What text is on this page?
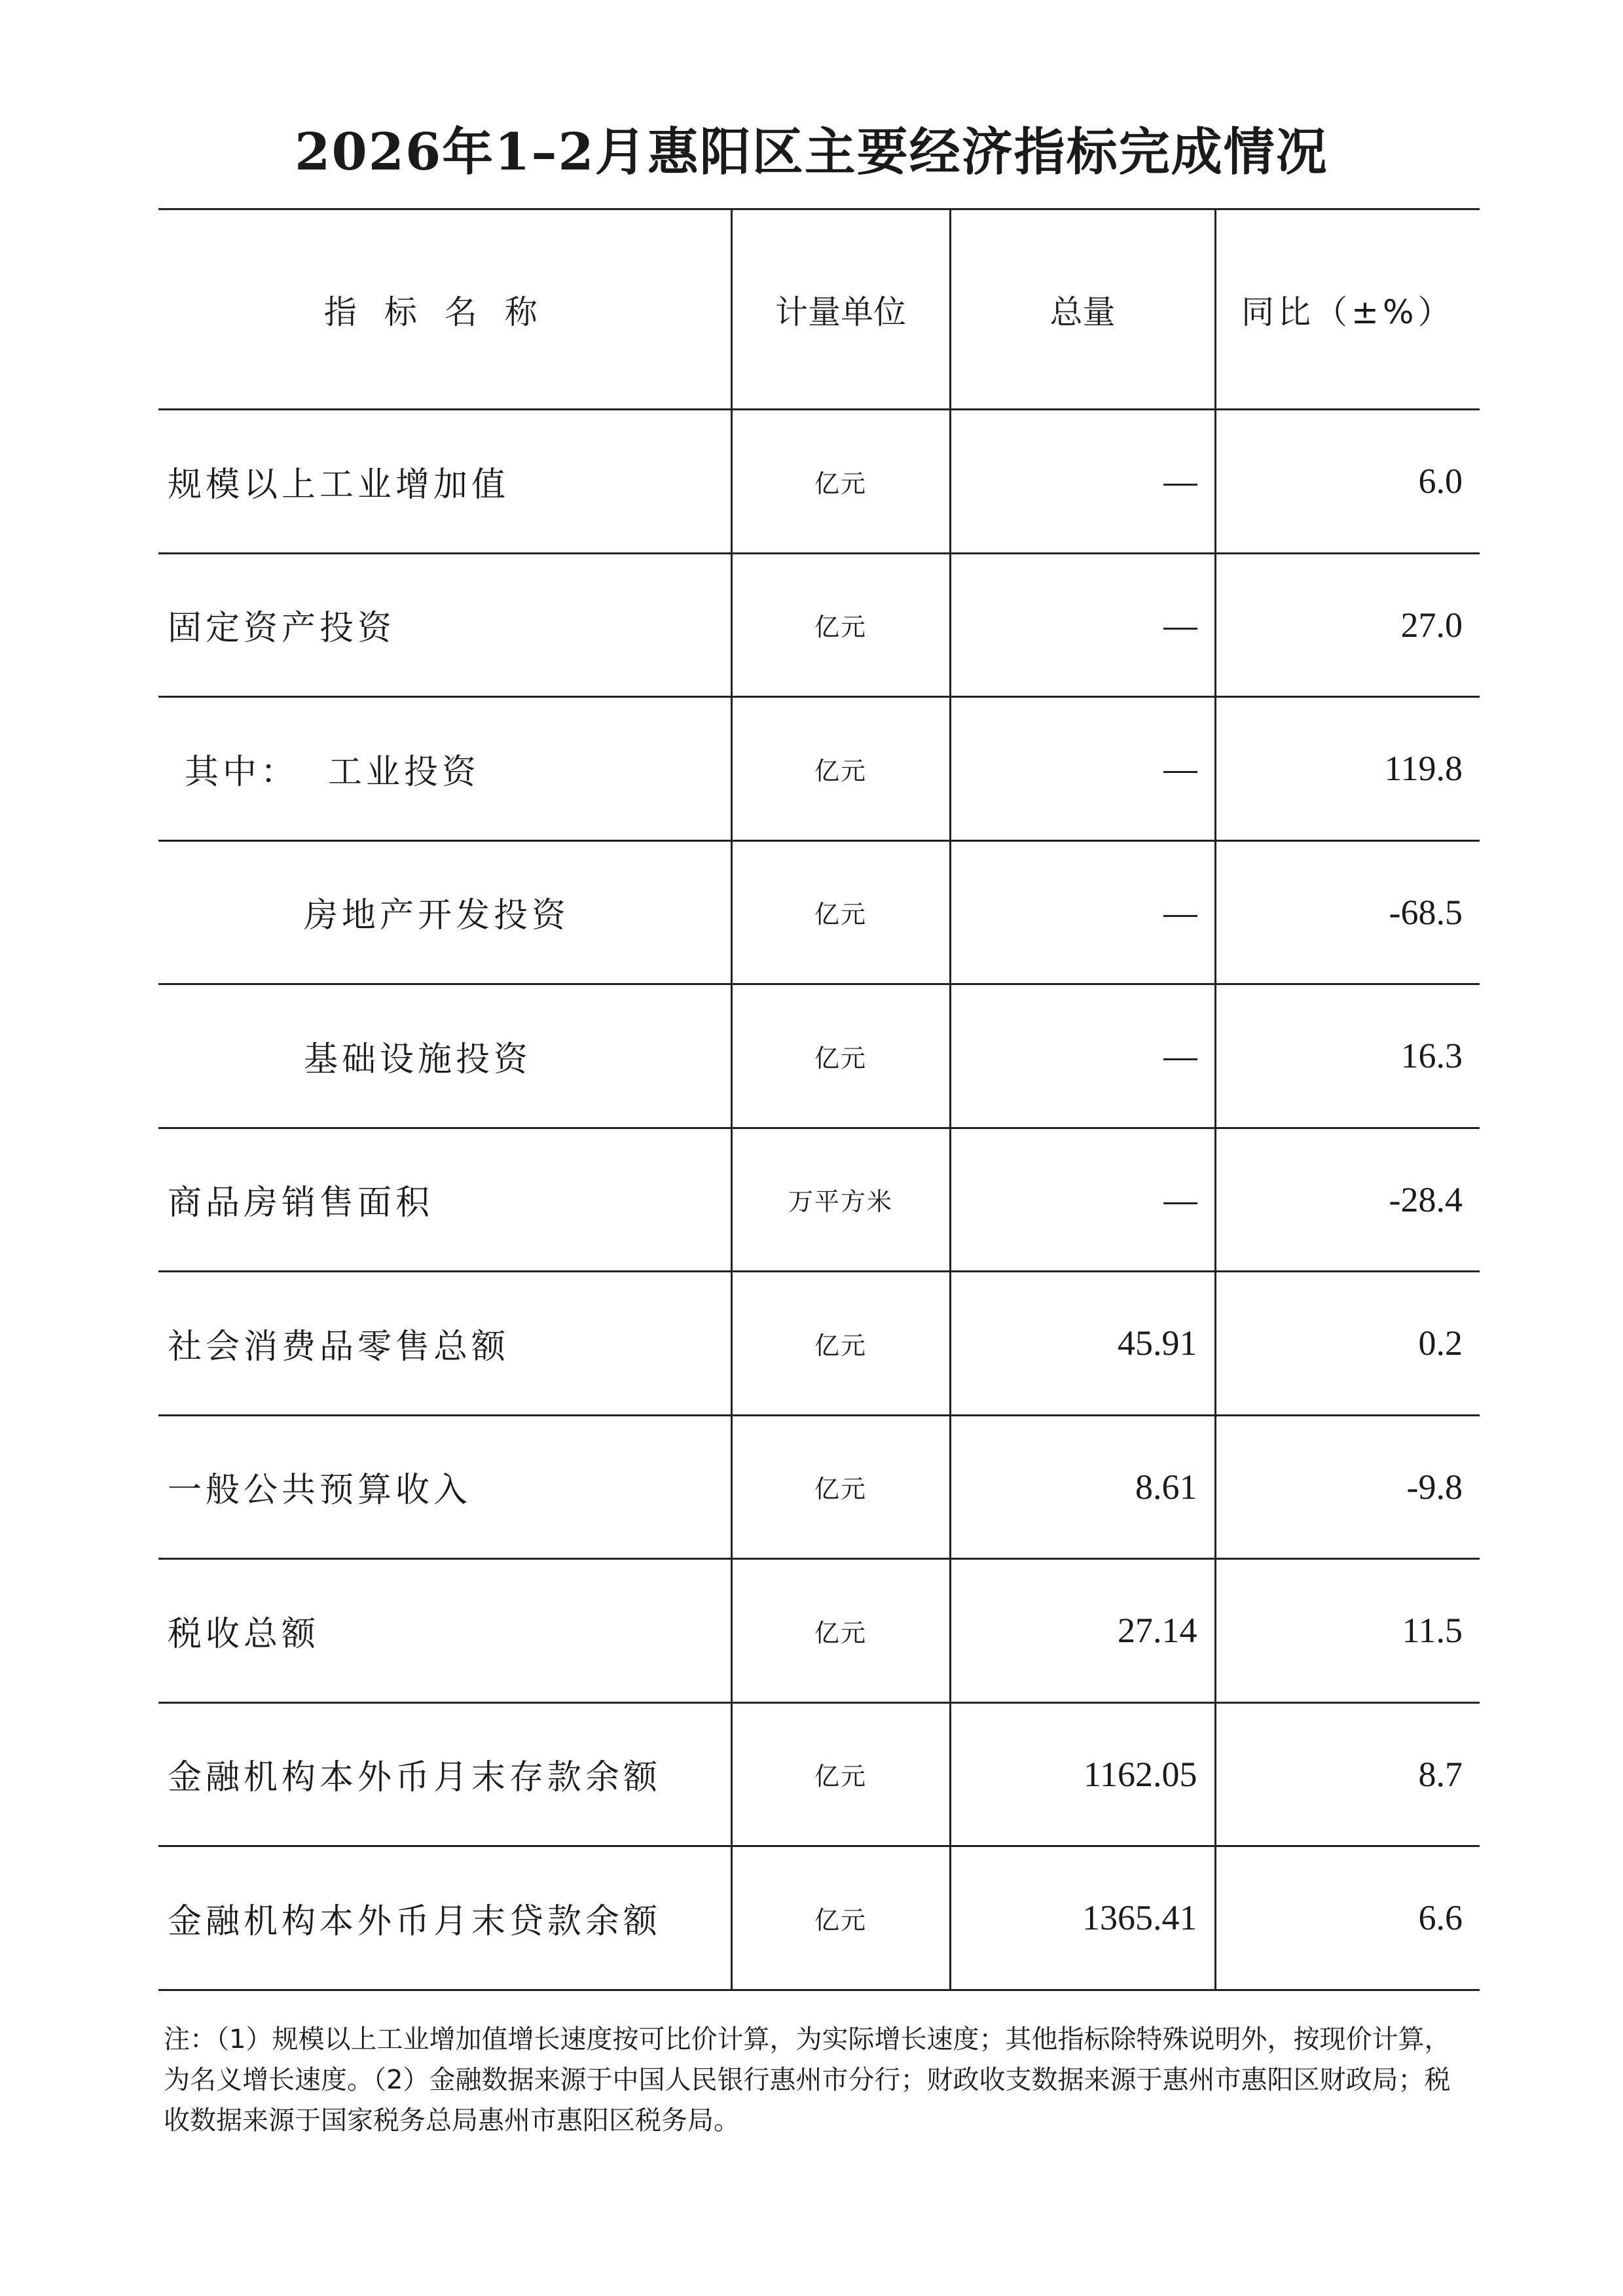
2026年1–2月惠阳区主要经济指标完成情况
指标名称	计量单位	总量	同比（±%）
规模以上工业增加值	亿元		6.0
固定资产投资	亿元		27.0
其中：  工业投资	亿元		119.8
房地产开发投资	亿元		-68.5
基础设施投资	亿元		16.3
商品房销售面积	万平方米		-28.4
社会消费品零售总额	亿元	45.91	0.2
一般公共预算收入	亿元	8.61	-9.8
税收总额	亿元	27.14	11.5
金融机构本外币月末存款余额	亿元	1162.05	8.7
金融机构本外币月末贷款余额	亿元	1365.41	6.6
注：（1）规模以上工业增加值增长速度按可比价计算，为实际增长速度；其他指标除特殊说明外，按现价计算，为名义增长速度。（2）金融数据来源于中国人民银行惠州市分行；财政收支数据来源于惠州市惠阳区财政局；税收数据来源于国家税务总局惠州市惠阳区税务局。
